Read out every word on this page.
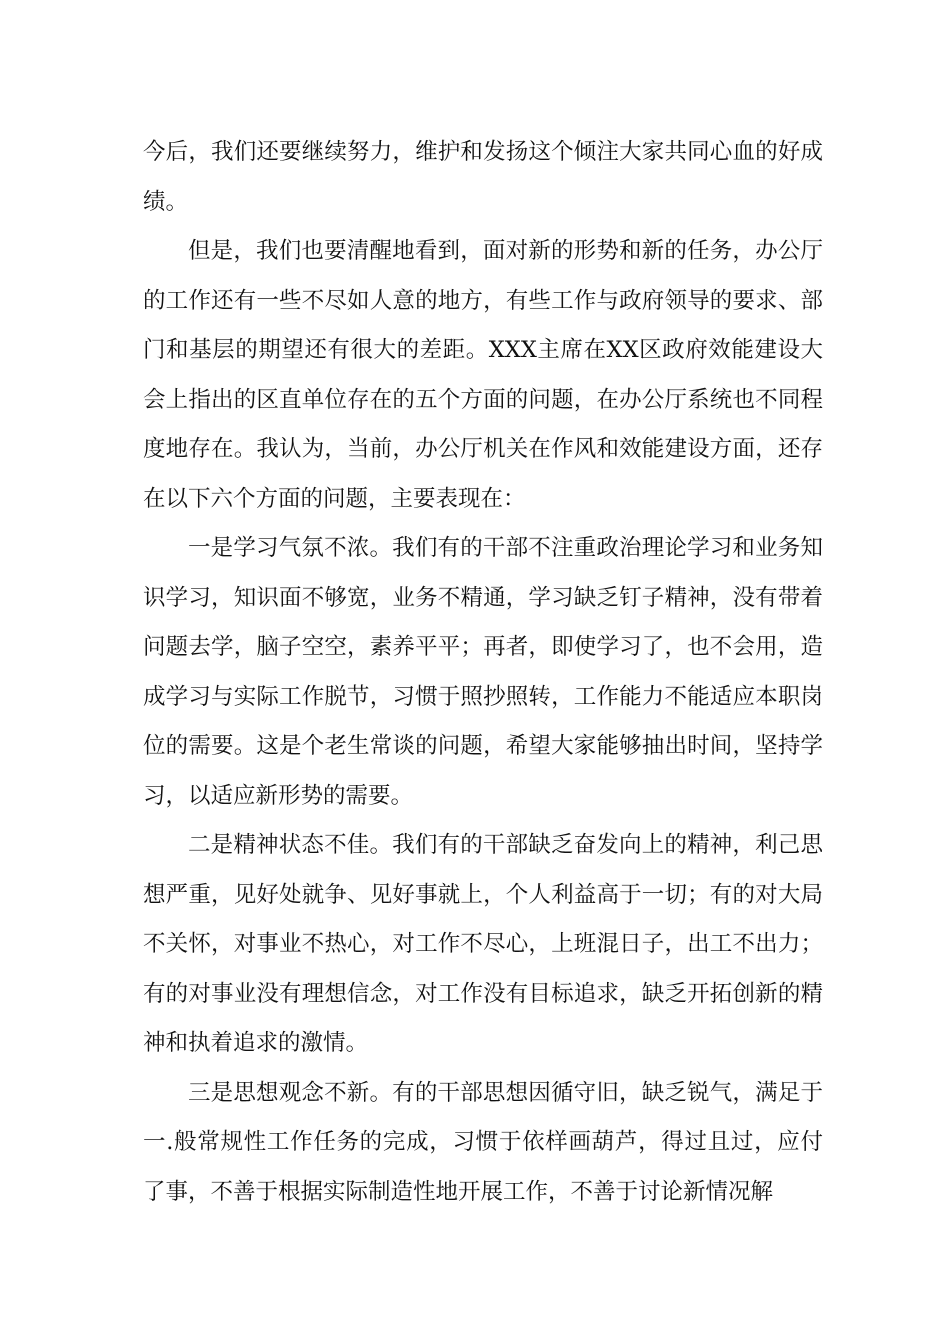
今后，我们还要继续努力，维护和发扬这个倾注大家共同心血的好成绩。

但是，我们也要清醒地看到，面对新的形势和新的任务，办公厅的工作还有一些不尽如人意的地方，有些工作与政府领导的要求、部门和基层的期望还有很大的差距。XXX主席在XX区政府效能建设大会上指出的区直单位存在的五个方面的问题，在办公厅系统也不同程度地存在。我认为，当前，办公厅机关在作风和效能建设方面，还存在以下六个方面的问题，主要表现在：

一是学习气氛不浓。我们有的干部不注重政治理论学习和业务知识学习，知识面不够宽，业务不精通，学习缺乏钉子精神，没有带着问题去学，脑子空空，素养平平；再者，即使学习了，也不会用，造成学习与实际工作脱节，习惯于照抄照转，工作能力不能适应本职岗位的需要。这是个老生常谈的问题，希望大家能够抽出时间，坚持学习，以适应新形势的需要。

二是精神状态不佳。我们有的干部缺乏奋发向上的精神，利己思想严重，见好处就争、见好事就上，个人利益高于一切；有的对大局不关怀，对事业不热心，对工作不尽心，上班混日子，出工不出力；有的对事业没有理想信念，对工作没有目标追求，缺乏开拓创新的精神和执着追求的激情。

三是思想观念不新。有的干部思想因循守旧，缺乏锐气，满足于一.般常规性工作任务的完成，习惯于依样画葫芦，得过且过，应付了事，不善于根据实际制造性地开展工作，不善于讨论新情况解
